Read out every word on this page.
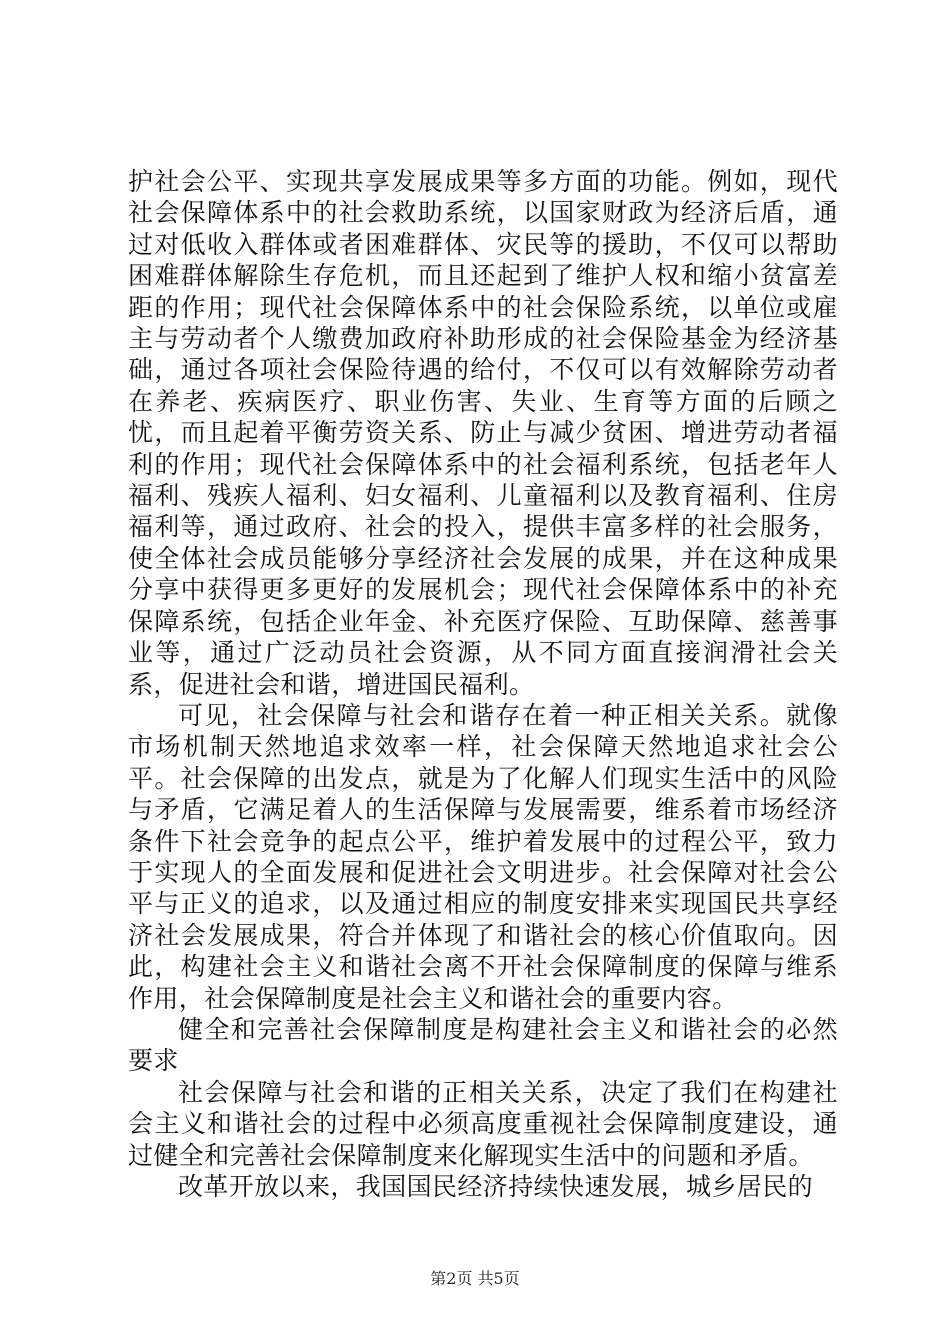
护社会公平、实现共享发展成果等多方面的功能。例如，现代社会保障体系中的社会救助系统，以国家财政为经济后盾，通过对低收入群体或者困难群体、灾民等的援助，不仅可以帮助困难群体解除生存危机，而且还起到了维护人权和缩小贫富差距的作用；现代社会保障体系中的社会保险系统，以单位或雇主与劳动者个人缴费加政府补助形成的社会保险基金为经济基础，通过各项社会保险待遇的给付，不仅可以有效解除劳动者在养老、疾病医疗、职业伤害、失业、生育等方面的后顾之忧，而且起着平衡劳资关系、防止与减少贫困、增进劳动者福利的作用；现代社会保障体系中的社会福利系统，包括老年人福利、残疾人福利、妇女福利、儿童福利以及教育福利、住房福利等，通过政府、社会的投入，提供丰富多样的社会服务，使全体社会成员能够分享经济社会发展的成果，并在这种成果分享中获得更多更好的发展机会；现代社会保障体系中的补充保障系统，包括企业年金、补充医疗保险、互助保障、慈善事业等，通过广泛动员社会资源，从不同方面直接润滑社会关系，促进社会和谐，增进国民福利。

可见，社会保障与社会和谐存在着一种正相关关系。就像市场机制天然地追求效率一样，社会保障天然地追求社会公平。社会保障的出发点，就是为了化解人们现实生活中的风险与矛盾，它满足着人的生活保障与发展需要，维系着市场经济条件下社会竞争的起点公平，维护着发展中的过程公平，致力于实现人的全面发展和促进社会文明进步。社会保障对社会公平与正义的追求，以及通过相应的制度安排来实现国民共享经济社会发展成果，符合并体现了和谐社会的核心价值取向。因此，构建社会主义和谐社会离不开社会保障制度的保障与维系作用，社会保障制度是社会主义和谐社会的重要内容。

健全和完善社会保障制度是构建社会主义和谐社会的必然要求

社会保障与社会和谐的正相关关系，决定了我们在构建社会主义和谐社会的过程中必须高度重视社会保障制度建设，通过健全和完善社会保障制度来化解现实生活中的问题和矛盾。

改革开放以来，我国国民经济持续快速发展，城乡居民的

第2页 共5页
